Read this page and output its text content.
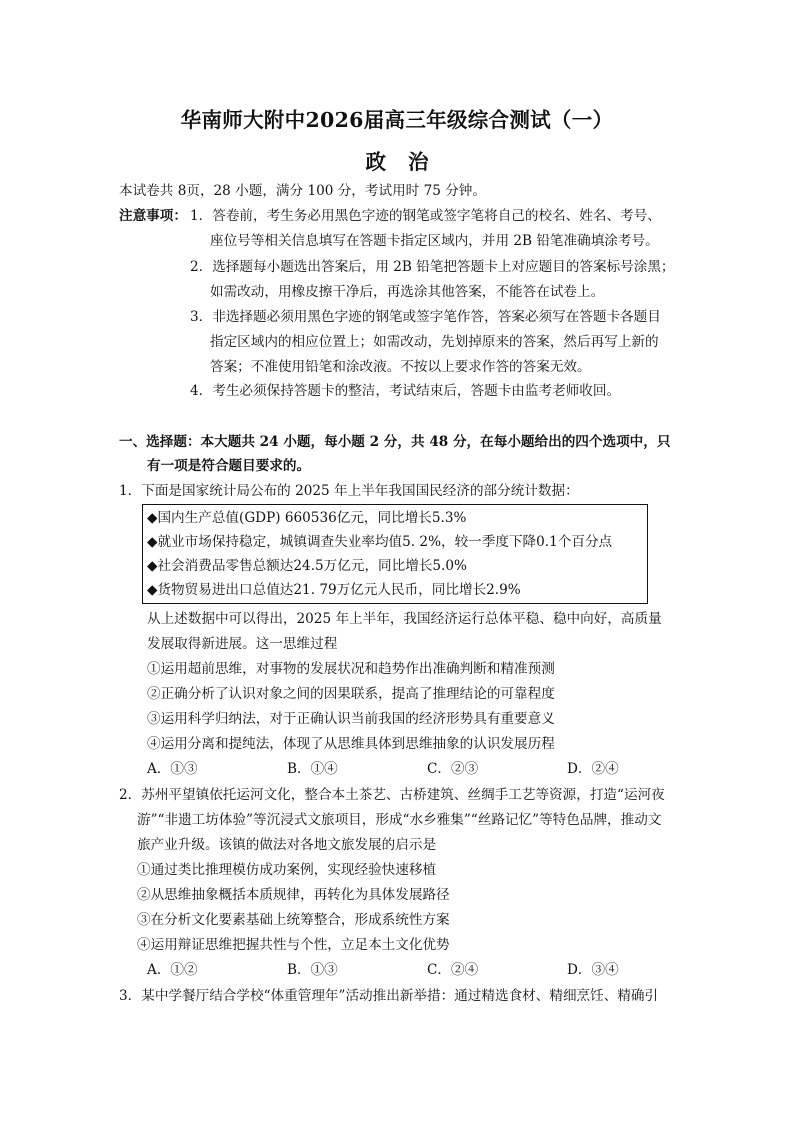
华南师大附中2026届高三年级综合测试（一）
政治
本试卷共 8页，28 小题，满分 100 分，考试用时 75 分钟。
注意事项： 1．答卷前，考生务必用黑色字迹的钢笔或签字笔将自己的校名、姓名、考号、
座位号等相关信息填写在答题卡指定区域内，并用 2B 铅笔准确填涂考号。
2．选择题每小题选出答案后，用 2B 铅笔把答题卡上对应题目的答案标号涂黑；
如需改动，用橡皮擦干净后，再选涂其他答案，不能答在试卷上。
3．非选择题必须用黑色字迹的钢笔或签字笔作答，答案必须写在答题卡各题目
指定区域内的相应位置上；如需改动，先划掉原来的答案，然后再写上新的
答案；不准使用铅笔和涂改液。不按以上要求作答的答案无效。
4．考生必须保持答题卡的整洁，考试结束后，答题卡由监考老师收回。
一、选择题：本大题共 24 小题，每小题 2 分，共 48 分，在每小题给出的四个选项中，只
有一项是符合题目要求的。
1．下面是国家统计局公布的 2025 年上半年我国国民经济的部分统计数据：
◆国内生产总值(GDP) 660536亿元，同比增长5.3%
◆就业市场保持稳定，城镇调查失业率均值5. 2%，较一季度下降0.1个百分点
◆社会消费品零售总额达24.5万亿元，同比增长5.0%
◆货物贸易进出口总值达21. 79万亿元人民币，同比增长2.9%
从上述数据中可以得出，2025 年上半年，我国经济运行总体平稳、稳中向好，高质量
发展取得新进展。这一思维过程
①运用超前思维，对事物的发展状况和趋势作出准确判断和精准预测
②正确分析了认识对象之间的因果联系，提高了推理结论的可靠程度
③运用科学归纳法，对于正确认识当前我国的经济形势具有重要意义
④运用分离和提纯法，体现了从思维具体到思维抽象的认识发展历程
A．①③	B．①④	C．②③	D．②④
2．苏州平望镇依托运河文化，整合本土茶艺、古桥建筑、丝绸手工艺等资源，打造“运河夜
游”“非遗工坊体验”等沉浸式文旅项目，形成“水乡雅集”“丝路记忆”等特色品牌，推动文
旅产业升级。该镇的做法对各地文旅发展的启示是
①通过类比推理模仿成功案例，实现经验快速移植
②从思维抽象概括本质规律，再转化为具体发展路径
③在分析文化要素基础上统筹整合，形成系统性方案
④运用辩证思维把握共性与个性，立足本土文化优势
A．①②	B．①③	C．②④	D．③④
3．某中学餐厅结合学校“体重管理年”活动推出新举措：通过精选食材、精细烹饪、精确引
